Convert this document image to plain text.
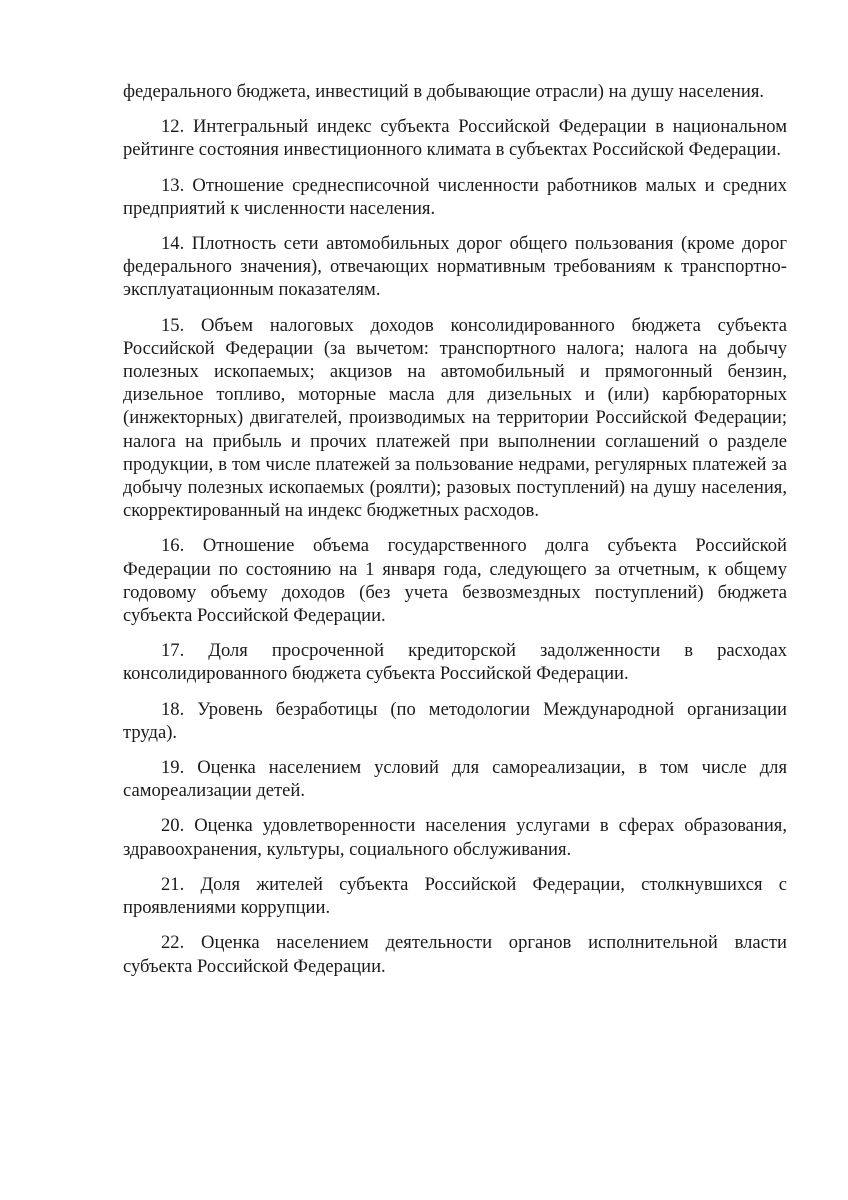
федерального бюджета, инвестиций в добывающие отрасли) на душу населения.

12. Интегральный индекс субъекта Российской Федерации в национальном рейтинге состояния инвестиционного климата в субъектах Российской Федерации.

13. Отношение среднесписочной численности работников малых и средних предприятий к численности населения.

14. Плотность сети автомобильных дорог общего пользования (кроме дорог федерального значения), отвечающих нормативным требованиям к транспортно-эксплуатационным показателям.

15. Объем налоговых доходов консолидированного бюджета субъекта Российской Федерации (за вычетом: транспортного налога; налога на добычу полезных ископаемых; акцизов на автомобильный и прямогонный бензин, дизельное топливо, моторные масла для дизельных и (или) карбюраторных (инжекторных) двигателей, производимых на территории Российской Федерации; налога на прибыль и прочих платежей при выполнении соглашений о разделе продукции, в том числе платежей за пользование недрами, регулярных платежей за добычу полезных ископаемых (роялти); разовых поступлений) на душу населения, скорректированный на индекс бюджетных расходов.

16. Отношение объема государственного долга субъекта Российской Федерации по состоянию на 1 января года, следующего за отчетным, к общему годовому объему доходов (без учета безвозмездных поступлений) бюджета субъекта Российской Федерации.

17. Доля просроченной кредиторской задолженности в расходах консолидированного бюджета субъекта Российской Федерации.

18. Уровень безработицы (по методологии Международной организации труда).

19. Оценка населением условий для самореализации, в том числе для самореализации детей.

20. Оценка удовлетворенности населения услугами в сферах образования, здравоохранения, культуры, социального обслуживания.

21. Доля жителей субъекта Российской Федерации, столкнувшихся с проявлениями коррупции.

22. Оценка населением деятельности органов исполнительной власти субъекта Российской Федерации.
